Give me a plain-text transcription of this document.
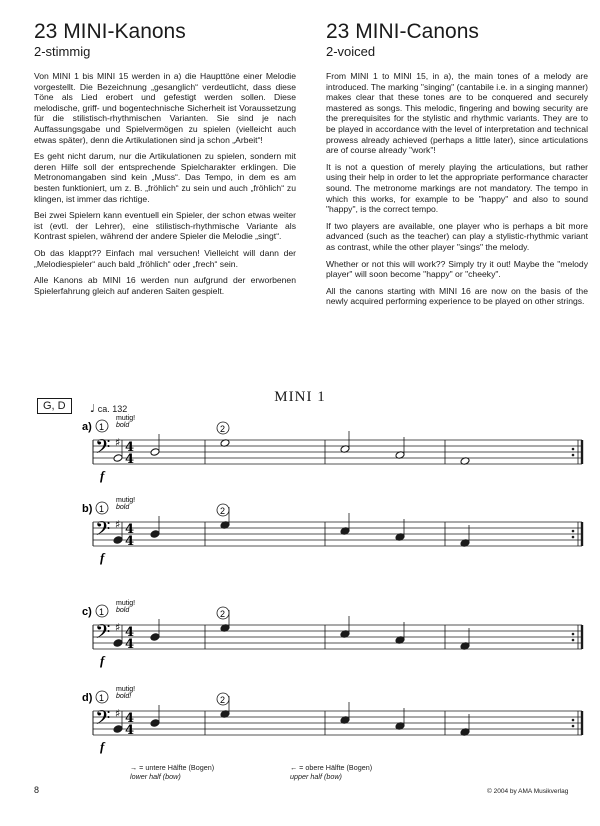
23 MINI-Kanons
2-stimmig

Von MINI 1 bis MINI 15 werden in a) die Haupttöne einer Melodie vorgestellt. Die Bezeichnung „gesanglich“ verdeutlicht, dass diese Töne als Lied erobert und gefestigt werden sollen. Diese melodische, griff- und bogentechnische Sicherheit ist Voraussetzung für die stilistisch-rhythmischen Varianten. Sie sind je nach Auffassungsgabe und Spielvermögen zu spielen (vielleicht auch etwas später), denn die Artikulationen sind ja schon „Arbeit“!

Es geht nicht darum, nur die Artikulationen zu spielen, sondern mit deren Hilfe soll der entsprechende Spielcharakter erklingen. Die Metronomangaben sind kein „Muss“. Das Tempo, in dem es am besten funktioniert, um z. B. „fröhlich“ zu sein und auch „fröhlich“ zu klingen, ist immer das richtige.

Bei zwei Spielern kann eventuell ein Spieler, der schon etwas weiter ist (evtl. der Lehrer), eine stilistisch-rhythmische Variante als Kontrast spielen, während der andere Spieler die Melodie „singt“.

Ob das klappt?? Einfach mal versuchen! Vielleicht will dann der „Melodiespieler“ auch bald „fröhlich“ oder „frech“ sein.

Alle Kanons ab MINI 16 werden nun aufgrund der erworbenen Spielerfahrung gleich auf anderen Saiten gespielt.

23 MINI-Canons
2-voiced

From MINI 1 to MINI 15, in a), the main tones of a melody are introduced. The marking "singing" (cantabile i.e. in a singing manner) makes clear that these tones are to be conquered and securely mastered as songs. This melodic, fingering and bowing security are the prerequisites for the stylistic and rhythmic variants. They are to be played in accordance with the level of interpretation and technical prowess already achieved (perhaps a little later), since articulations are of course already "work"!

It is not a question of merely playing the articulations, but rather using their help in order to let the appropriate performance character sound. The metronome markings are not mandatory. The tempo in which this works, for example to be "happy" and also to sound "happy", is the correct tempo.

If two players are available, one player who is perhaps a bit more advanced (such as the teacher) can play a stylistic-rhythmic variant as contrast, while the other player "sings" the melody.

Whether or not this will work?? Simply try it out! Maybe the "melody player" will soon become "happy" or "cheeky".

All the canons starting with MINI 16 are now on the basis of the newly acquired performing experience to be played on other strings.

MINI 1
G, D	♩ ca. 132
𝄢 ♯ 4
4
a) 1	2
mutig!
bold
f
𝄢 ♯ 4
4
b) 1	2
mutig!
bold
f
𝄢 ♯ 4
4
c) 1	2
mutig!
bold
f
𝄢 ♯ 4
4
d) 1	2
mutig!
bold!
f
→ = untere Hälfte (Bogen)
lower half (bow)
← = obere Hälfte (Bogen)
upper half (bow)
8	© 2004 by AMA Musikverlag
